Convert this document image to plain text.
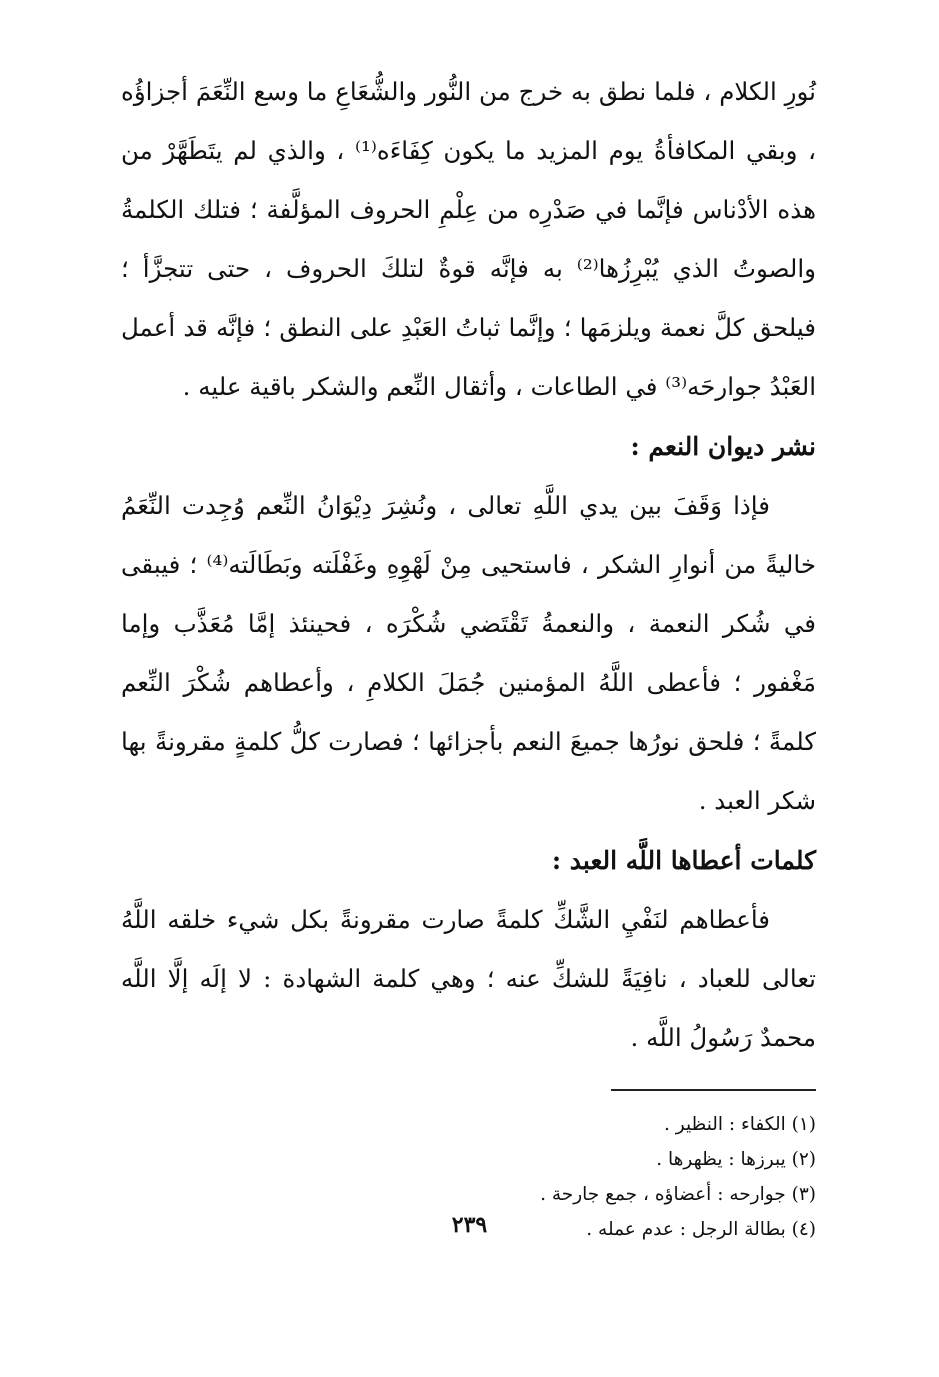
نُورِ الكلام ، فلما نطق به خرج من النُّور والشُّعَاعِ ما وسع النِّعَمَ أجزاؤُه ، وبقي المكافأةُ يوم المزيد ما يكون كِفَاءَه⁽¹⁾ ، والذي لم يتَطَهَّرْ من هذه الأدْناس فإنَّما في صَدْرِه من عِلْمِ الحروف المؤلَّفة ؛ فتلك الكلمةُ والصوتُ الذي يُبْرِزُها⁽²⁾ به فإنَّه قوةٌ لتلكَ الحروف ، حتى تتجزَّأ ؛ فيلحق كلَّ نعمة ويلزمَها ؛ وإنَّما ثباتُ العَبْدِ على النطق ؛ فإنَّه قد أعمل العَبْدُ جوارحَه⁽³⁾ في الطاعات ، وأثقال النِّعم والشكر باقية عليه .

نشر ديوان النعم :

فإذا وَقَفَ بين يدي اللَّهِ تعالى ، ونُشِرَ دِيْوَانُ النِّعم وُجِدت النِّعَمُ خاليةً من أنوارِ الشكر ، فاستحيى مِنْ لَهْوِهِ وغَفْلَته وبَطَالَته⁽⁴⁾ ؛ فيبقى في شُكر النعمة ، والنعمةُ تَقْتَضي شُكْرَه ، فحينئذ إمَّا مُعَذَّب وإما مَغْفور ؛ فأعطى اللَّهُ المؤمنين جُمَلَ الكلامِ ، وأعطاهم شُكْرَ النِّعم كلمةً ؛ فلحق نورُها جميعَ النعم بأجزائها ؛ فصارت كلُّ كلمةٍ مقرونةً بها شكر العبد .

كلمات أعطاها اللَّه العبد :

فأعطاهم لنَفْيِ الشَّكِّ كلمةً صارت مقرونةً بكل شيء خلقه اللَّهُ تعالى للعباد ، نافِيَةً للشكِّ عنه ؛ وهي كلمة الشهادة : لا إلَه إلَّا اللَّه محمدٌ رَسُولُ اللَّه .

(١) الكفاء : النظير .
(٢) يبرزها : يظهرها .
(٣) جوارحه : أعضاؤه ، جمع جارحة .
(٤) بطالة الرجل : عدم عمله .
٢٣٩
